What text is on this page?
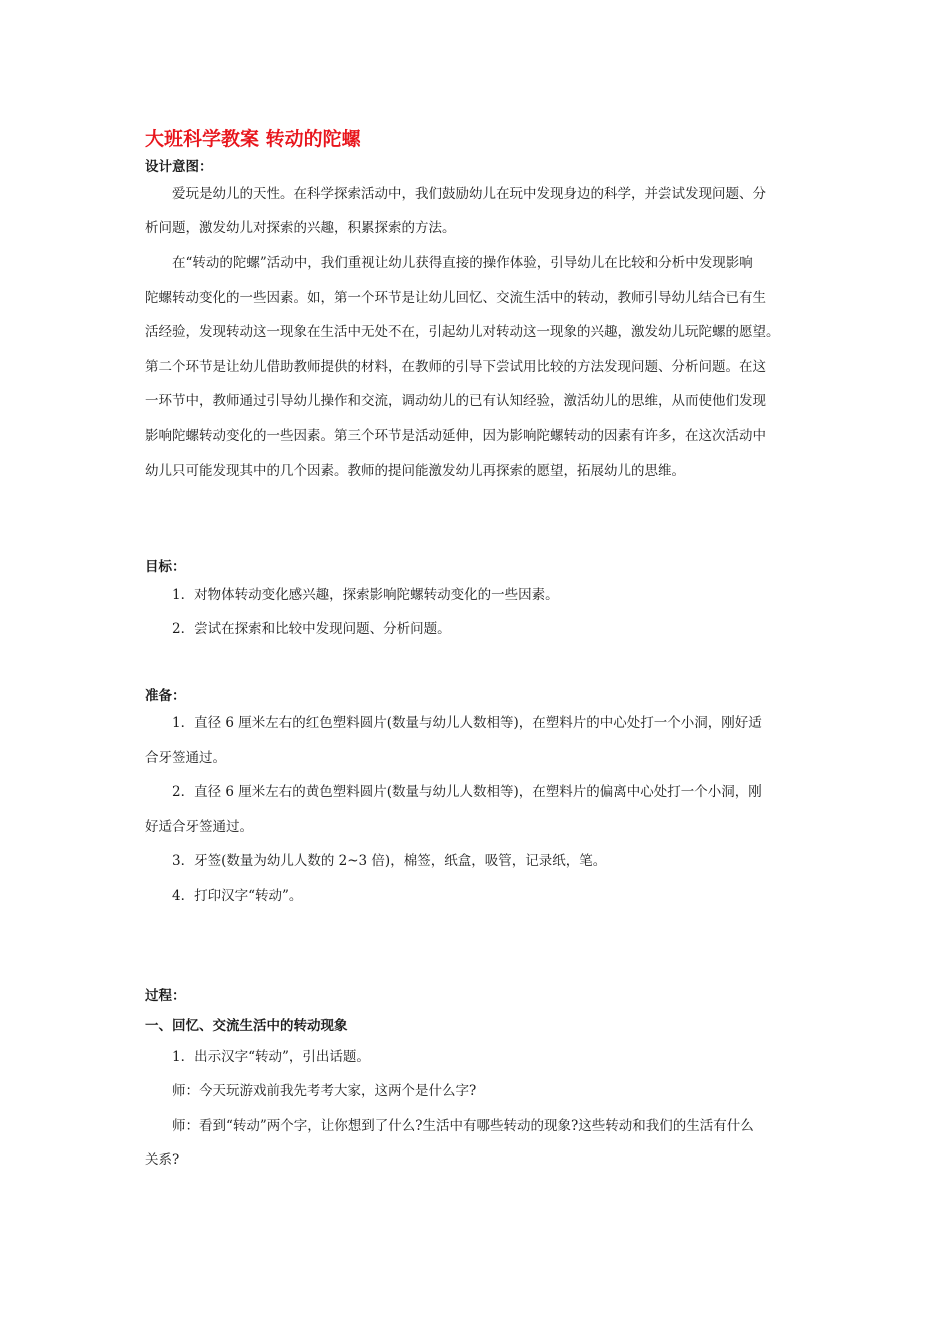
大班科学教案 转动的陀螺
设计意图：
爱玩是幼儿的天性。在科学探索活动中，我们鼓励幼儿在玩中发现身边的科学，并尝试发现问题、分
析问题，激发幼儿对探索的兴趣，积累探索的方法。
在“转动的陀螺”活动中，我们重视让幼儿获得直接的操作体验，引导幼儿在比较和分析中发现影响
陀螺转动变化的一些因素。如，第一个环节是让幼儿回忆、交流生活中的转动，教师引导幼儿结合已有生
活经验，发现转动这一现象在生活中无处不在，引起幼儿对转动这一现象的兴趣，激发幼儿玩陀螺的愿望。
第二个环节是让幼儿借助教师提供的材料，在教师的引导下尝试用比较的方法发现问题、分析问题。在这
一环节中，教师通过引导幼儿操作和交流，调动幼儿的已有认知经验，激活幼儿的思维，从而使他们发现
影响陀螺转动变化的一些因素。第三个环节是活动延伸，因为影响陀螺转动的因素有许多，在这次活动中
幼儿只可能发现其中的几个因素。教师的提问能激发幼儿再探索的愿望，拓展幼儿的思维。
目标：
1．对物体转动变化感兴趣，探索影响陀螺转动变化的一些因素。
2．尝试在探索和比较中发现问题、分析问题。
准备：
1．直径 6 厘米左右的红色塑料圆片(数量与幼儿人数相等)，在塑料片的中心处打一个小洞，刚好适
合牙签通过。
2．直径 6 厘米左右的黄色塑料圆片(数量与幼儿人数相等)，在塑料片的偏离中心处打一个小洞，刚
好适合牙签通过。
3．牙签(数量为幼儿人数的 2~3 倍)，棉签，纸盒，吸管，记录纸，笔。
4．打印汉字“转动”。
过程：
一、回忆、交流生活中的转动现象
1．出示汉字“转动”，引出话题。
师：今天玩游戏前我先考考大家，这两个是什么字?
师：看到“转动”两个字，让你想到了什么?生活中有哪些转动的现象?这些转动和我们的生活有什么
关系?
